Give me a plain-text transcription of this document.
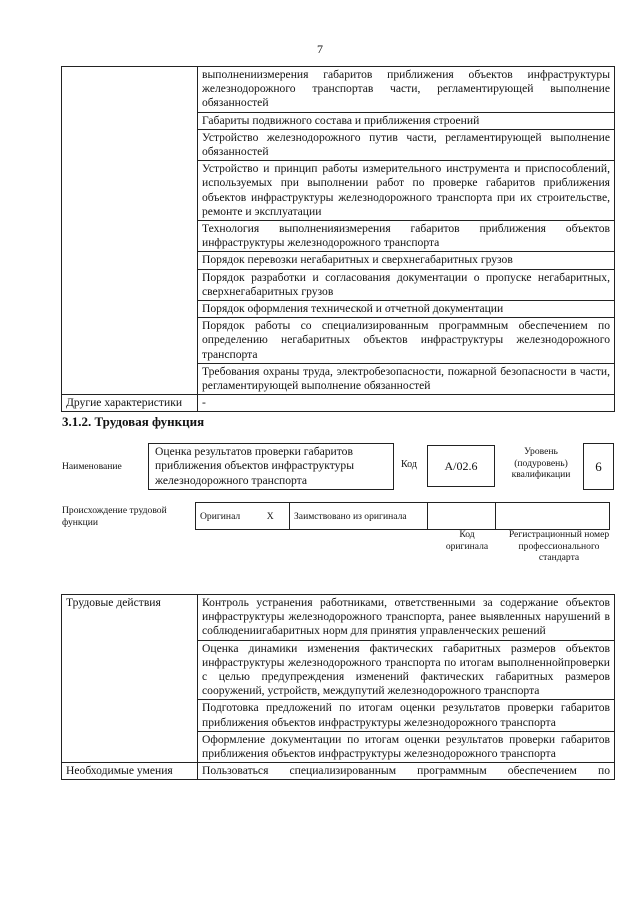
7
	выполнениизмерения габаритов приближения объектов инфраструктуры железнодорожного транспортав части, регламентирующей выполнение обязанностей
	Габариты подвижного состава и приближения строений
	Устройство железнодорожного путив части, регламентирующей выполнение обязанностей
	Устройство и принцип работы измерительного инструмента и приспособлений, используемых при выполнении работ по проверке габаритов приближения объектов инфраструктуры железнодорожного транспорта при их строительстве, ремонте и эксплуатации
	Технология выполненияизмерения габаритов приближения объектов инфраструктуры железнодорожного транспорта
	Порядок перевозки негабаритных и сверхнегабаритных грузов
	Порядок разработки и согласования документации о пропуске негабаритных, сверхнегабаритных грузов
	Порядок оформления технической и отчетной документации
	Порядок работы со специализированным программным обеспечением по определению негабаритных объектов инфраструктуры железнодорожного транспорта
	Требования охраны труда, электробезопасности, пожарной безопасности в части, регламентирующей выполнение обязанностей
Другие характеристики	-
3.1.2. Трудовая функция
Наименование
Оценка результатов проверки габаритов приближения объектов инфраструктуры железнодорожного транспорта
Код A/02.6
Уровень (подуровень) квалификации
6
Происхождение трудовой функции
Оригинал	X	Заимствовано из оригинала		
Код оригинала
Регистрационный номер профессионального стандарта
Трудовые действия	Контроль устранения работниками, ответственными за содержание объектов инфраструктуры железнодорожного транспорта, ранее выявленных нарушений в соблюдениигабаритных норм для принятия управленческих решений
	Оценка динамики изменения фактических габаритных размеров объектов инфраструктуры железнодорожного транспорта по итогам выполненнойпроверки с целью предупреждения изменений фактических габаритных размеров сооружений, устройств, междупутий железнодорожного транспорта
	Подготовка предложений по итогам оценки результатов проверки габаритов приближения объектов инфраструктуры железнодорожного транспорта
	Оформление документации по итогам оценки результатов проверки габаритов приближения объектов инфраструктуры железнодорожного транспорта
Необходимые умения	Пользоваться специализированным программным обеспечением по
